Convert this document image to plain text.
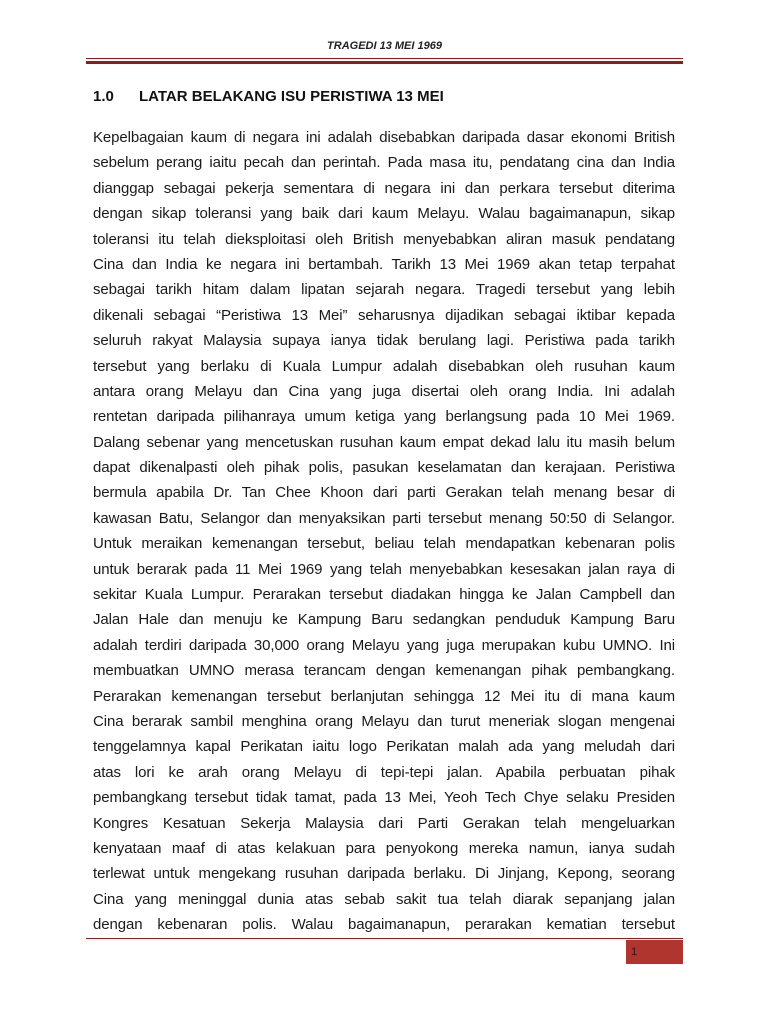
TRAGEDI 13 MEI 1969
1.0 LATAR BELAKANG ISU PERISTIWA 13 MEI
Kepelbagaian kaum di negara ini adalah disebabkan daripada dasar ekonomi British
sebelum perang iaitu pecah dan perintah. Pada masa itu, pendatang cina dan India
dianggap sebagai pekerja sementara di negara ini dan perkara tersebut diterima
dengan sikap toleransi yang baik dari kaum Melayu. Walau bagaimanapun, sikap
toleransi itu telah dieksploitasi oleh British menyebabkan aliran masuk pendatang
Cina dan India ke negara ini bertambah. Tarikh 13 Mei 1969 akan tetap terpahat
sebagai tarikh hitam dalam lipatan sejarah negara. Tragedi tersebut yang lebih
dikenali sebagai “Peristiwa 13 Mei” seharusnya dijadikan sebagai iktibar kepada
seluruh rakyat Malaysia supaya ianya tidak berulang lagi. Peristiwa pada tarikh
tersebut yang berlaku di Kuala Lumpur adalah disebabkan oleh rusuhan kaum
antara orang Melayu dan Cina yang juga disertai oleh orang India. Ini adalah
rentetan daripada pilihanraya umum ketiga yang berlangsung pada 10 Mei 1969.
Dalang sebenar yang mencetuskan rusuhan kaum empat dekad lalu itu masih belum
dapat dikenalpasti oleh pihak polis, pasukan keselamatan dan kerajaan. Peristiwa
bermula apabila Dr. Tan Chee Khoon dari parti Gerakan telah menang besar di
kawasan Batu, Selangor dan menyaksikan parti tersebut menang 50:50 di Selangor.
Untuk meraikan kemenangan tersebut, beliau telah mendapatkan kebenaran polis
untuk berarak pada 11 Mei 1969 yang telah menyebabkan kesesakan jalan raya di
sekitar Kuala Lumpur. Perarakan tersebut diadakan hingga ke Jalan Campbell dan
Jalan Hale dan menuju ke Kampung Baru sedangkan penduduk Kampung Baru
adalah terdiri daripada 30,000 orang Melayu yang juga merupakan kubu UMNO. Ini
membuatkan UMNO merasa terancam dengan kemenangan pihak pembangkang.
Perarakan kemenangan tersebut berlanjutan sehingga 12 Mei itu di mana kaum
Cina berarak sambil menghina orang Melayu dan turut meneriak slogan mengenai
tenggelamnya kapal Perikatan iaitu logo Perikatan malah ada yang meludah dari
atas lori ke arah orang Melayu di tepi-tepi jalan. Apabila perbuatan pihak
pembangkang tersebut tidak tamat, pada 13 Mei, Yeoh Tech Chye selaku Presiden
Kongres Kesatuan Sekerja Malaysia dari Parti Gerakan telah mengeluarkan
kenyataan maaf di atas kelakuan para penyokong mereka namun, ianya sudah
terlewat untuk mengekang rusuhan daripada berlaku. Di Jinjang, Kepong, seorang
Cina yang meninggal dunia atas sebab sakit tua telah diarak sepanjang jalan
dengan kebenaran polis. Walau bagaimanapun, perarakan kematian tersebut
1
